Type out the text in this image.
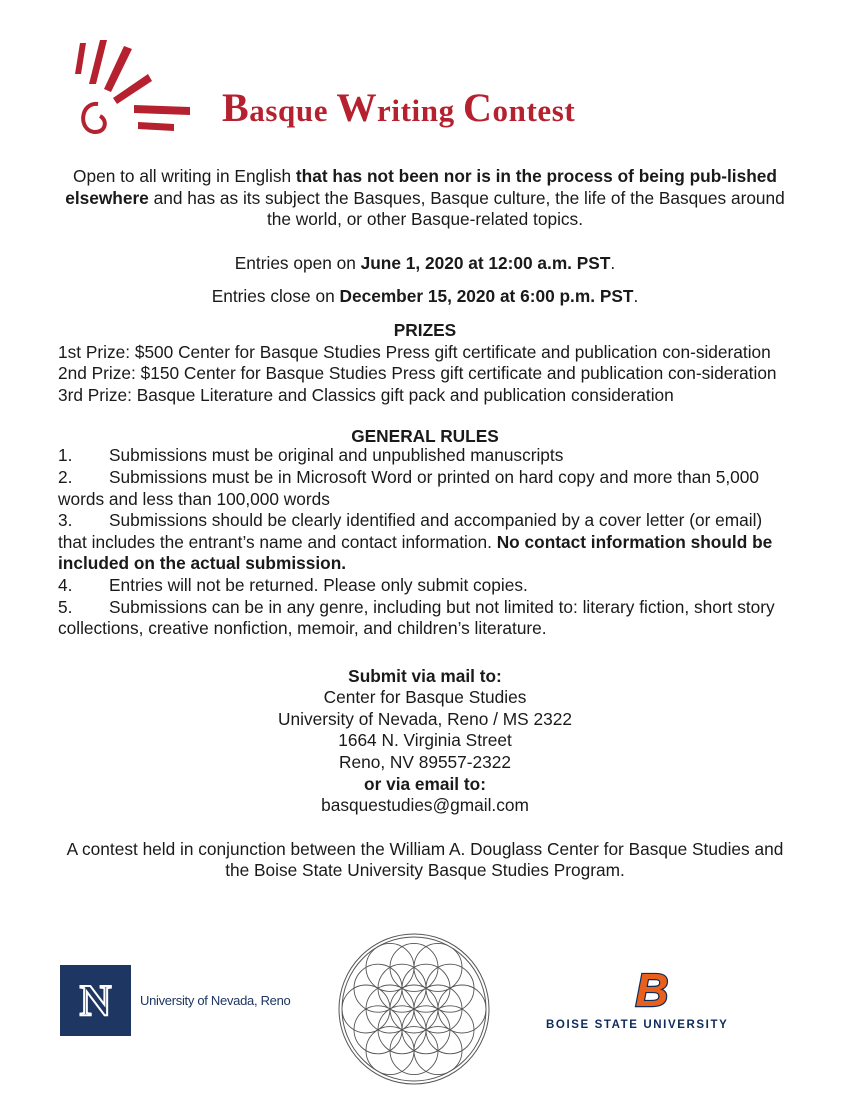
Basque Writing Contest

Open to all writing in English that has not been nor is in the process of being pub-lished elsewhere and has as its subject the Basques, Basque culture, the life of the Basques around the world, or other Basque-related topics.

Entries open on June 1, 2020 at 12:00 a.m. PST.

Entries close on December 15, 2020 at 6:00 p.m. PST.

PRIZES

1st Prize: $500 Center for Basque Studies Press gift certificate and publication con-sideration

2nd Prize: $150 Center for Basque Studies Press gift certificate and publication con-sideration

3rd Prize: Basque Literature and Classics gift pack and publication consideration

GENERAL RULES

1. Submissions must be original and unpublished manuscripts

2. Submissions must be in Microsoft Word or printed on hard copy and more than 5,000 words and less than 100,000 words

3. Submissions should be clearly identified and accompanied by a cover letter (or email) that includes the entrant’s name and contact information. No contact information should be included on the actual submission.

4. Entries will not be returned. Please only submit copies.

5. Submissions can be in any genre, including but not limited to: literary fiction, short story collections, creative nonfiction, memoir, and children’s literature.

Submit via mail to:

Center for Basque Studies

University of Nevada, Reno / MS 2322

1664 N. Virginia Street

Reno, NV 89557-2322

or via email to:

basquestudies@gmail.com

A contest held in conjunction between the William A. Douglass Center for Basque Studies and the Boise State University Basque Studies Program.

N University of Nevada, Reno	B
BOISE STATE UNIVERSITY
